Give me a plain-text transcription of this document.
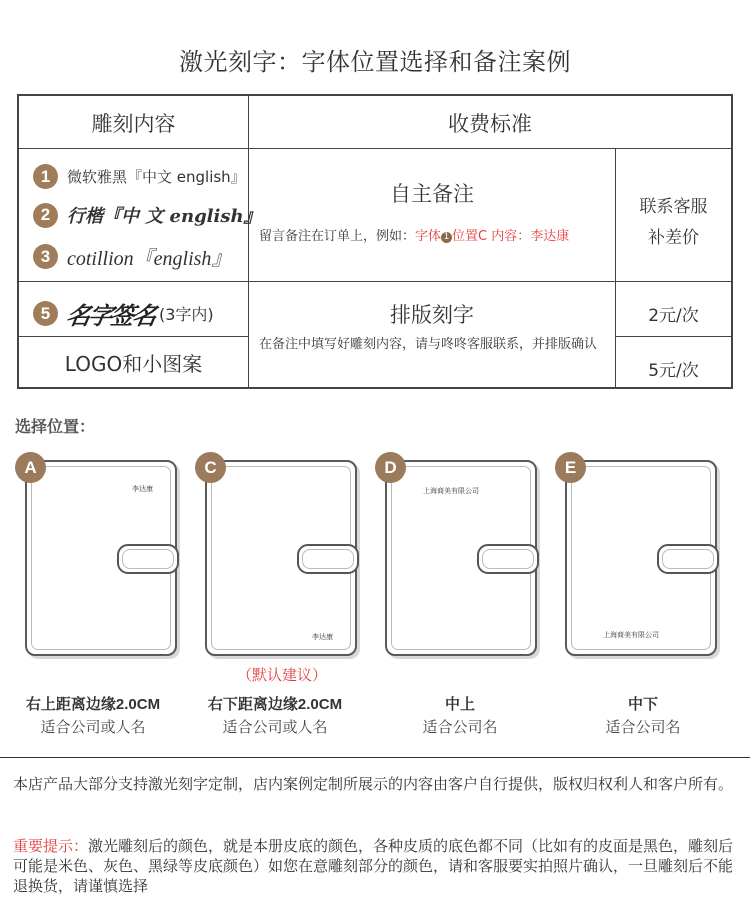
激光刻字：字体位置选择和备注案例
雕刻内容	收费标准
1	微软雅黑『中文 english』
2 行楷『中 文 english』
3 cotillion『english』
自主备注
留言备注在订单上，例如：字体 1 位置C 内容：李达康
联系客服
补差价
5 名字签名 (3字内)
LOGO和小图案
排版刻字
在备注中填写好雕刻内容，请与咚咚客服联系，并排版确认
2元/次
5元/次
选择位置：
A
李达康
C
李达康
D
上海商美有限公司
E
上海商美有限公司
（默认建议）
右上距离边缘2.0CM
适合公司或人名
右下距离边缘2.0CM
适合公司或人名
中上
适合公司名
中下
适合公司名
本店产品大部分支持激光刻字定制，店内案例定制所展示的内容由客户自行提供，版权归权利人和客户所有。
重要提示：激光雕刻后的颜色，就是本册皮底的颜色，各种皮质的底色都不同（比如有的皮面是黑色，雕刻后可能是米色、灰色、黑绿等皮底颜色）如您在意雕刻部分的颜色，请和客服要实拍照片确认，一旦雕刻后不能退换货，请谨慎选择
